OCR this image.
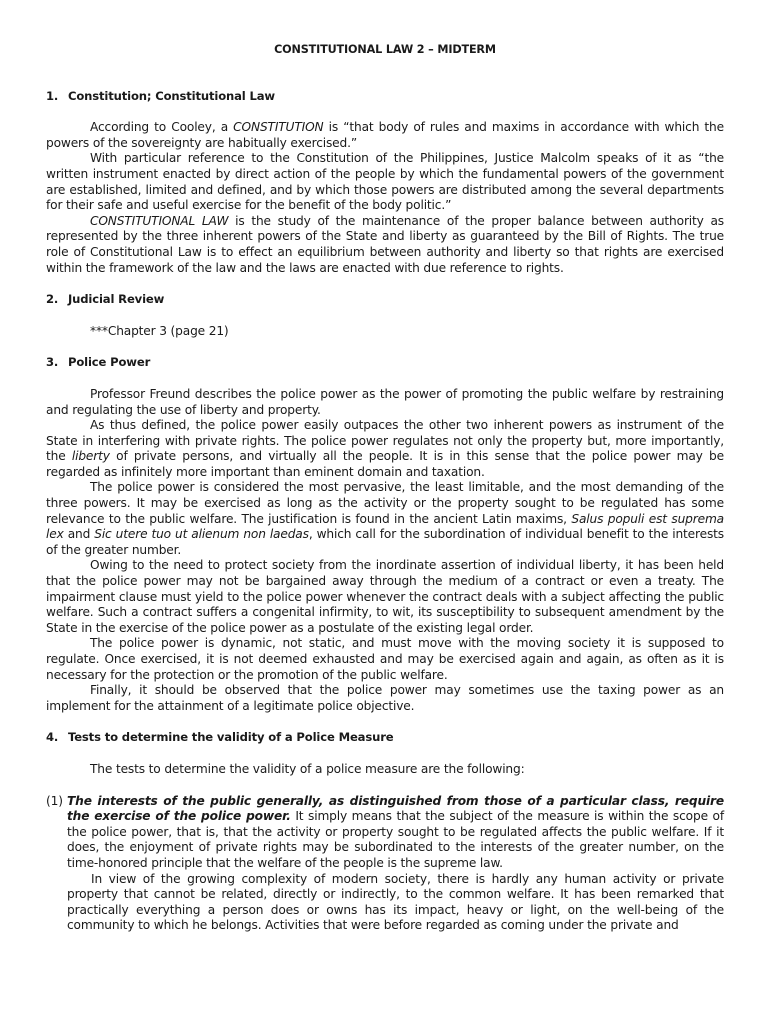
CONSTITUTIONAL LAW 2 – MIDTERM
1. Constitution; Constitutional Law

According to Cooley, a CONSTITUTION is “that body of rules and maxims in accordance with which the powers of the sovereignty are habitually exercised.”

With particular reference to the Constitution of the Philippines, Justice Malcolm speaks of it as “the written instrument enacted by direct action of the people by which the fundamental powers of the government are established, limited and defined, and by which those powers are distributed among the several departments for their safe and useful exercise for the benefit of the body politic.”

CONSTITUTIONAL LAW is the study of the maintenance of the proper balance between authority as represented by the three inherent powers of the State and liberty as guaranteed by the Bill of Rights. The true role of Constitutional Law is to effect an equilibrium between authority and liberty so that rights are exercised within the framework of the law and the laws are enacted with due reference to rights.

2. Judicial Review

***Chapter 3 (page 21)

3. Police Power

Professor Freund describes the police power as the power of promoting the public welfare by restraining and regulating the use of liberty and property.

As thus defined, the police power easily outpaces the other two inherent powers as instrument of the State in interfering with private rights. The police power regulates not only the property but, more importantly, the liberty of private persons, and virtually all the people. It is in this sense that the police power may be regarded as infinitely more important than eminent domain and taxation.

The police power is considered the most pervasive, the least limitable, and the most demanding of the three powers. It may be exercised as long as the activity or the property sought to be regulated has some relevance to the public welfare. The justification is found in the ancient Latin maxims, Salus populi est suprema lex and Sic utere tuo ut alienum non laedas, which call for the subordination of individual benefit to the interests of the greater number.

Owing to the need to protect society from the inordinate assertion of individual liberty, it has been held that the police power may not be bargained away through the medium of a contract or even a treaty. The impairment clause must yield to the police power whenever the contract deals with a subject affecting the public welfare. Such a contract suffers a congenital infirmity, to wit, its susceptibility to subsequent amendment by the State in the exercise of the police power as a postulate of the existing legal order.

The police power is dynamic, not static, and must move with the moving society it is supposed to regulate. Once exercised, it is not deemed exhausted and may be exercised again and again, as often as it is necessary for the protection or the promotion of the public welfare.

Finally, it should be observed that the police power may sometimes use the taxing power as an implement for the attainment of a legitimate police objective.

4. Tests to determine the validity of a Police Measure

The tests to determine the validity of a police measure are the following:

(1) The interests of the public generally, as distinguished from those of a particular class, require the exercise of the police power. It simply means that the subject of the measure is within the scope of the police power, that is, that the activity or property sought to be regulated affects the public welfare. If it does, the enjoyment of private rights may be subordinated to the interests of the greater number, on the time-honored principle that the welfare of the people is the supreme law.

In view of the growing complexity of modern society, there is hardly any human activity or private property that cannot be related, directly or indirectly, to the common welfare. It has been remarked that practically everything a person does or owns has its impact, heavy or light, on the well-being of the community to which he belongs. Activities that were before regarded as coming under the private and
